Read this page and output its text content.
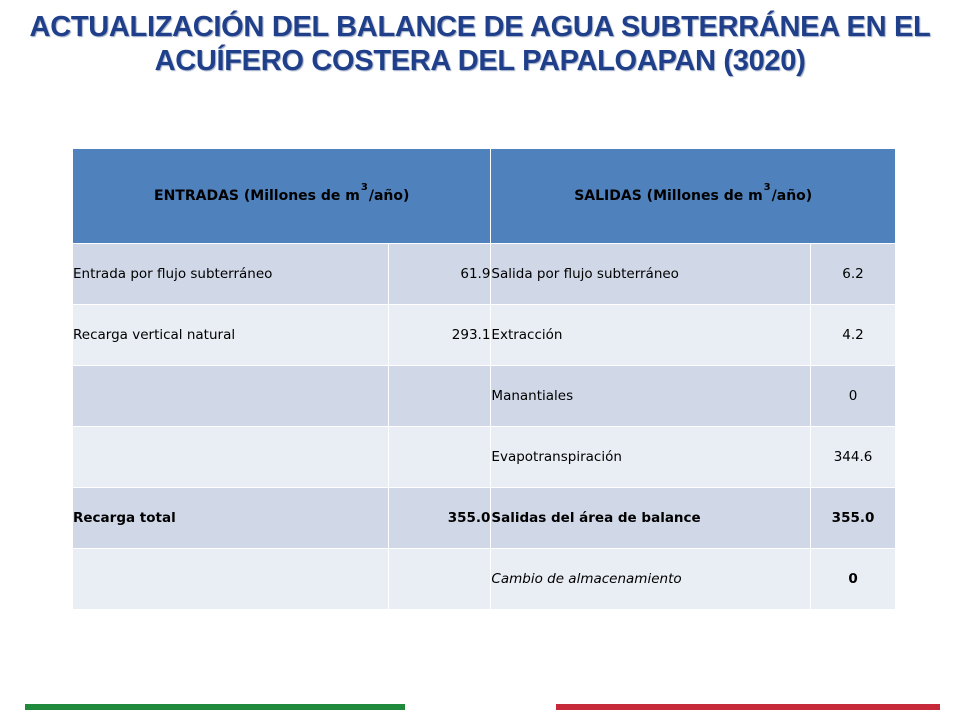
ACTUALIZACIÓN DEL BALANCE DE AGUA SUBTERRÁNEA EN EL
ACUÍFERO COSTERA DEL PAPALOAPAN (3020)
ENTRADAS (Millones de $m^3/año$)		SALIDAS (Millones de $m^3/año$)	
Entrada por flujo subterráneo	61.9	Salida por flujo subterráneo	6.2
Recarga vertical natural	293.1	Extracción	4.2
		Manantiales	0
		Evapotranspiración	344.6
Recarga total	355.0	Salidas del área de balance	355.0
		Cambio de almacenamiento	0
